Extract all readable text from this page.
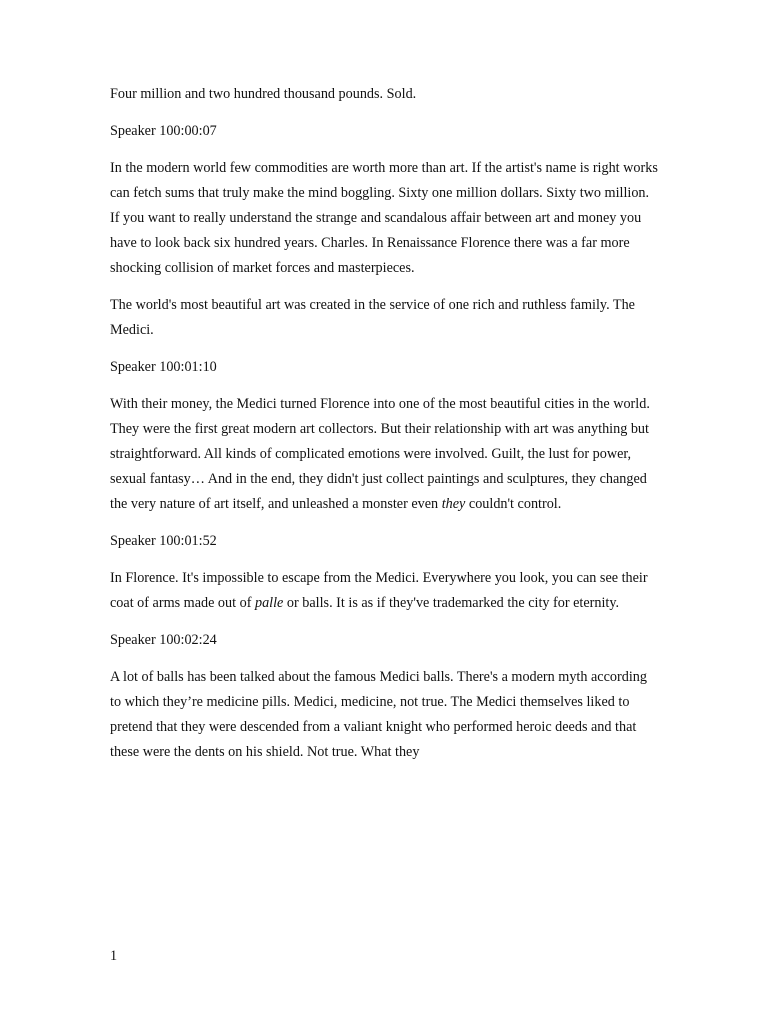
Four million and two hundred thousand pounds. Sold.

Speaker 100:00:07

In the modern world few commodities are worth more than art. If the artist's name is right works can fetch sums that truly make the mind boggling. Sixty one million dollars. Sixty two million. If you want to really understand the strange and scandalous affair between art and money you have to look back six hundred years. Charles. In Renaissance Florence there was a far more shocking collision of market forces and masterpieces.

The world's most beautiful art was created in the service of one rich and ruthless family. The Medici.

Speaker 100:01:10

With their money, the Medici turned Florence into one of the most beautiful cities in the world. They were the first great modern art collectors. But their relationship with art was anything but straightforward. All kinds of complicated emotions were involved. Guilt, the lust for power, sexual fantasy… And in the end, they didn't just collect paintings and sculptures, they changed the very nature of art itself, and unleashed a monster even they couldn't control.

Speaker 100:01:52

In Florence. It's impossible to escape from the Medici. Everywhere you look, you can see their coat of arms made out of palle or balls. It is as if they've trademarked the city for eternity.

Speaker 100:02:24

A lot of balls has been talked about the famous Medici balls. There's a modern myth according to which they’re medicine pills. Medici, medicine, not true. The Medici themselves liked to pretend that they were descended from a valiant knight who performed heroic deeds and that these were the dents on his shield. Not true. What they

1
